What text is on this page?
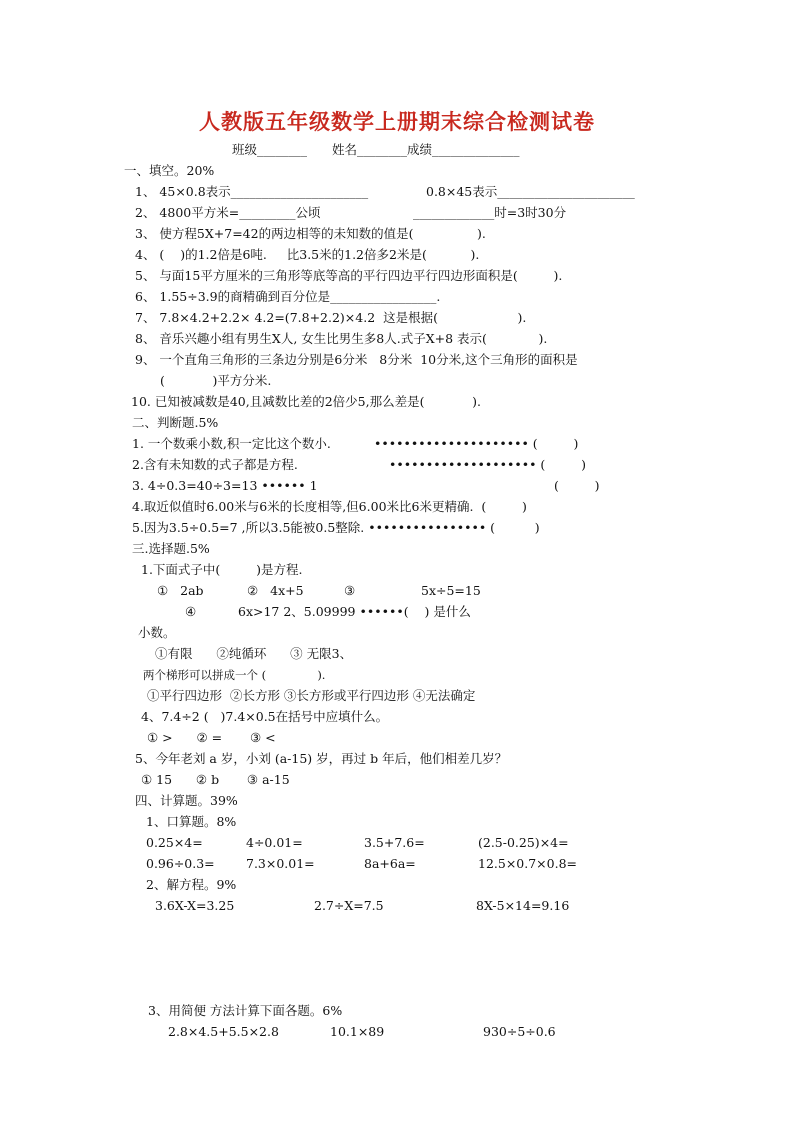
人教版五年级数学上册期末综合检测试卷
班级________　　姓名________成绩______________
一、填空。20%
1、 45×0.8表示______________________	0.8×45表示______________________
2、 4800平方米=_________公顷	_____________时=3时30分
3、 使方程5X+7=42的两边相等的未知数的值是(                ).
4、 (    )的1.2倍是6吨.     比3.5米的1.2倍多2米是(           ).
5、 与面15平方厘米的三角形等底等高的平行四边平行四边形面积是(         ).
6、 1.55÷3.9的商精确到百分位是_________________.
7、 7.8×4.2+2.2× 4.2=(7.8+2.2)×4.2  这是根据(                    ).
8、 音乐兴趣小组有男生X人, 女生比男生多8人.式子X+8 表示(             ).
9、 一个直角三角形的三条边分别是6分米   8分米  10分米,这个三角形的面积是
(            )平方分米.
10. 已知被减数是40,且减数比差的2倍少5,那么差是(            ).
二、判断题.5%
1. 一个数乘小数,积一定比这个数小.	••••••••••••••••••••• (         )
2.含有未知数的式子都是方程.	•••••••••••••••••••• (         )
3. 4÷0.3=40÷3=13 •••••• 1	(         )
4.取近似值时6.00米与6米的长度相等,但6.00米比6米更精确.  (         )
5.因为3.5÷0.5=7 ,所以3.5能被0.5整除. •••••••••••••••• (          )
三.选择题.5%
1.下面式子中(         )是方程.
①   2ab	②   4x+5	③	5x÷5=15
④	6x>17 2、5.09999 ••••••(    ) 是什么
小数。
①有限      ②纯循环      ③ 无限3、
两个梯形可以拼成一个 (              ).
①平行四边形  ②长方形 ③长方形或平行四边形 ④无法确定
4、7.4÷2 (   )7.4×0.5在括号中应填什么。
① >      ② =       ③ <
5、今年老刘 a 岁，小刘 (a-15) 岁，再过 b 年后，他们相差几岁？
① 15      ② b       ③ a-15
四、计算题。39%
1、口算题。8%
0.25×4=	4÷0.01=	3.5+7.6=	(2.5-0.25)×4=
0.96÷0.3=	7.3×0.01=	8a+6a=	12.5×0.7×0.8=
2、解方程。9%
3.6X-X=3.25	2.7÷X=7.5	8X-5×14=9.16
3、用简便 方法计算下面各题。6%
2.8×4.5+5.5×2.8	10.1×89	930÷5÷0.6
